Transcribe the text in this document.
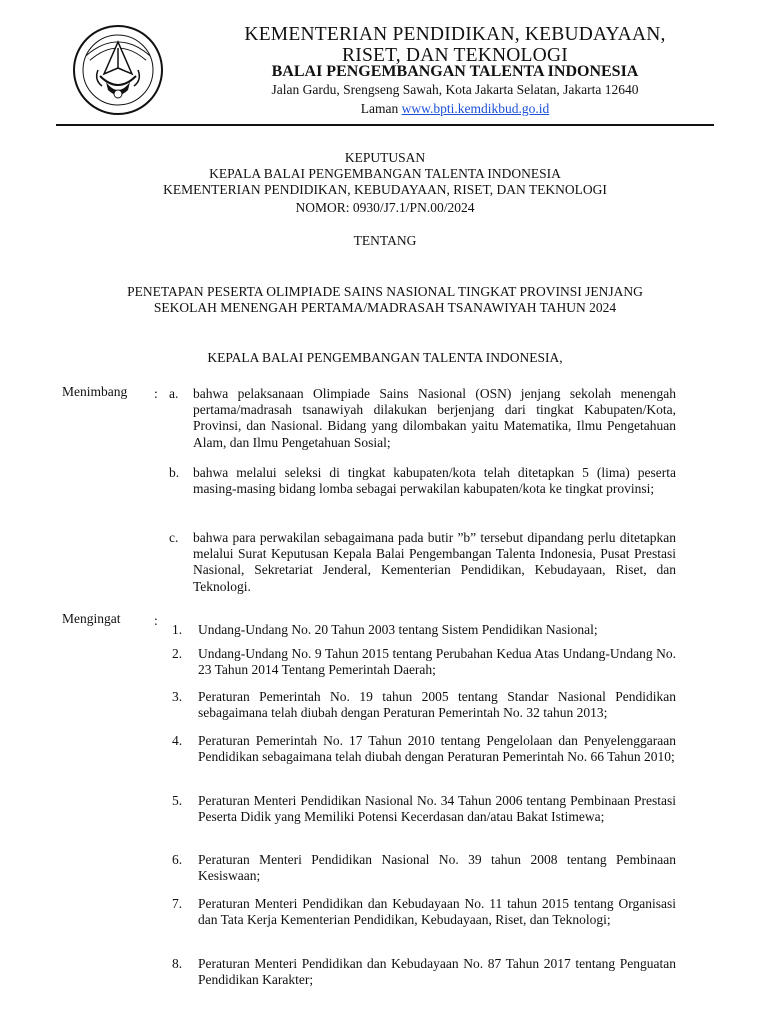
KEMENTERIAN PENDIDIKAN, KEBUDAYAAN,
RISET, DAN TEKNOLOGI
BALAI PENGEMBANGAN TALENTA INDONESIA
Jalan Gardu, Srengseng Sawah, Kota Jakarta Selatan, Jakarta 12640
Laman www.bpti.kemdikbud.go.id
KEPUTUSAN
KEPALA BALAI PENGEMBANGAN TALENTA INDONESIA
KEMENTERIAN PENDIDIKAN, KEBUDAYAAN, RISET, DAN TEKNOLOGI
NOMOR: 0930/J7.1/PN.00/2024
TENTANG
PENETAPAN PESERTA OLIMPIADE SAINS NASIONAL TINGKAT PROVINSI JENJANG
SEKOLAH MENENGAH PERTAMA/MADRASAH TSANAWIYAH TAHUN 2024
KEPALA BALAI PENGEMBANGAN TALENTA INDONESIA,
Menimbang : a. bahwa pelaksanaan Olimpiade Sains Nasional (OSN) jenjang sekolah menengah pertama/madrasah tsanawiyah dilakukan berjenjang dari tingkat Kabupaten/Kota, Provinsi, dan Nasional. Bidang yang dilombakan yaitu Matematika, Ilmu Pengetahuan Alam, dan Ilmu Pengetahuan Sosial;
b. bahwa melalui seleksi di tingkat kabupaten/kota telah ditetapkan 5 (lima) peserta masing-masing bidang lomba sebagai perwakilan kabupaten/kota ke tingkat provinsi;
c. bahwa para perwakilan sebagaimana pada butir ”b” tersebut dipandang perlu ditetapkan melalui Surat Keputusan Kepala Balai Pengembangan Talenta Indonesia, Pusat Prestasi Nasional, Sekretariat Jenderal, Kementerian Pendidikan, Kebudayaan, Riset, dan Teknologi.
Mengingat :
1. Undang-Undang No. 20 Tahun 2003 tentang Sistem Pendidikan Nasional;
2. Undang-Undang No. 9 Tahun 2015 tentang Perubahan Kedua Atas Undang-Undang No. 23 Tahun 2014 Tentang Pemerintah Daerah;
3. Peraturan Pemerintah No. 19 tahun 2005 tentang Standar Nasional Pendidikan sebagaimana telah diubah dengan Peraturan Pemerintah No. 32 tahun 2013;
4. Peraturan Pemerintah No. 17 Tahun 2010 tentang Pengelolaan dan Penyelenggaraan Pendidikan sebagaimana telah diubah dengan Peraturan Pemerintah No. 66 Tahun 2010;
5. Peraturan Menteri Pendidikan Nasional No. 34 Tahun 2006 tentang Pembinaan Prestasi Peserta Didik yang Memiliki Potensi Kecerdasan dan/atau Bakat Istimewa;
6. Peraturan Menteri Pendidikan Nasional No. 39 tahun 2008 tentang Pembinaan Kesiswaan;
7. Peraturan Menteri Pendidikan dan Kebudayaan No. 11 tahun 2015 tentang Organisasi dan Tata Kerja Kementerian Pendidikan, Kebudayaan, Riset, dan Teknologi;
8. Peraturan Menteri Pendidikan dan Kebudayaan No. 87 Tahun 2017 tentang Penguatan Pendidikan Karakter;
